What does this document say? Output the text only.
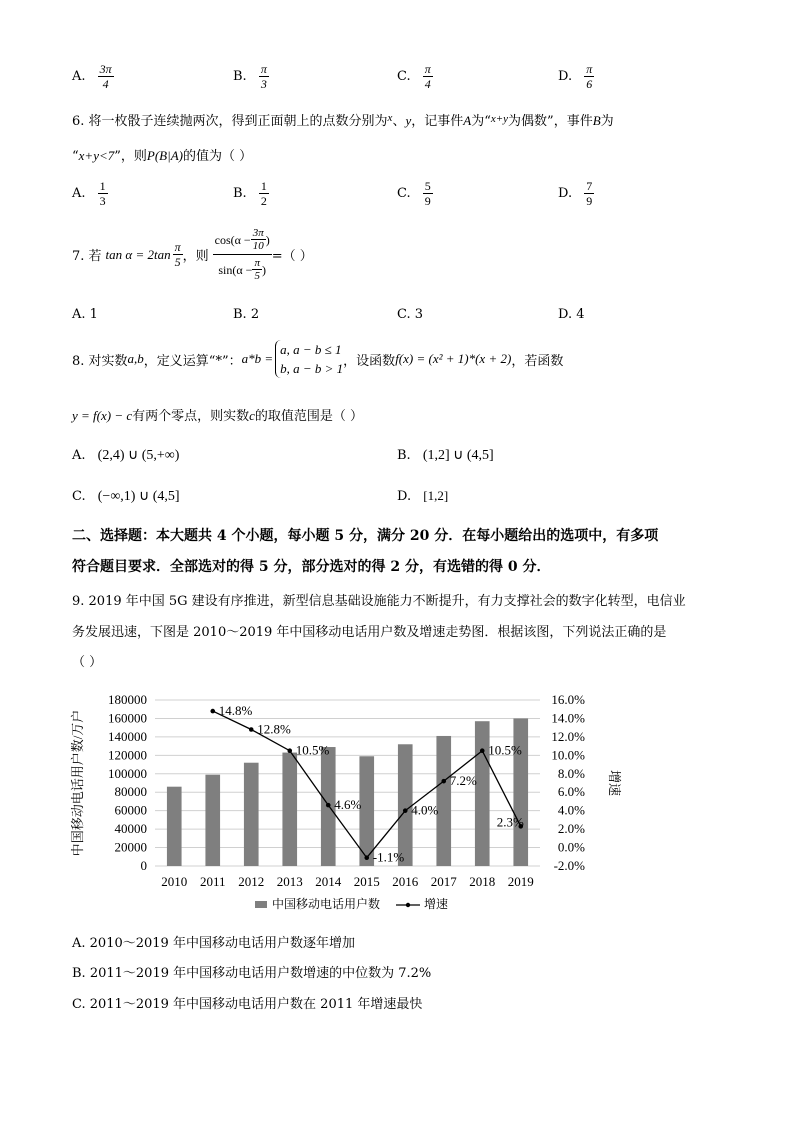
A. $\frac{3\pi}{4}$	B. $\frac{\pi}{3}$	C. $\frac{\pi}{4}$	D. $\frac{\pi}{6}$
6. 将一枚骰子连续抛两次，得到正面朝上的点数分别为$^x$、y，记事件A为“$^{x+y}$为偶数”，事件B为
“x+y<7”，则P(B|A)的值为（ ）
A. $\frac{1}{3}$	B. $\frac{1}{2}$	C. $\frac{5}{9}$	D. $\frac{7}{9}$
7. 若 $\tan \alpha = 2\tan \frac{\pi}{5}$ ，则 $\frac{\cos(\alpha - \frac{3\pi}{10} )}{\sin(\alpha - \frac{\pi}{5} )}$ =（ ）
A. 1	B. 2	C. 3	D. 4
8. 对实数 a,b ，定义运算“*”： a*b =
a, a − b ≤ 1
b, a − b > 1 ，设函数 f(x) = (x² + 1)*(x + 2) ，若函数
y = f(x) − c有两个零点，则实数c的取值范围是（ ）
A. (2,4) ∪ (5,+∞)	B. (1,2] ∪ (4,5]
C. (−∞,1) ∪ (4,5]	D. [1,2]
二、选择题：本大题共 4 个小题，每小题 5 分，满分 20 分．在每小题给出的选项中，有多项
符合题目要求．全部选对的得 5 分，部分选对的得 2 分，有选错的得 0 分．
9. 2019 年中国 5G 建设有序推进，新型信息基础设施能力不断提升，有力支撑社会的数字化转型，电信业
务发展迅速，下图是 2010～2019 年中国移动电话用户数及增速走势图．根据该图，下列说法正确的是
（ ）
14.8%
12.8%
10.5%
4.6%
-1.1%
4.0%
7.2%
10.5%
2.3%
0
20000
40000
60000
80000
100000
120000
140000
160000
180000
-2.0%
0.0%
2.0%
4.0%
6.0%
8.0%
10.0%
12.0%
14.0%
16.0%
2010 2011 2012 2013 2014 2015 2016 2017 2018 2019
中国移动电话用户数/万户	增速
中国移动电话用户数	增速
A. 2010～2019 年中国移动电话用户数逐年增加
B. 2011～2019 年中国移动电话用户数增速的中位数为 7.2%
C. 2011～2019 年中国移动电话用户数在 2011 年增速最快
